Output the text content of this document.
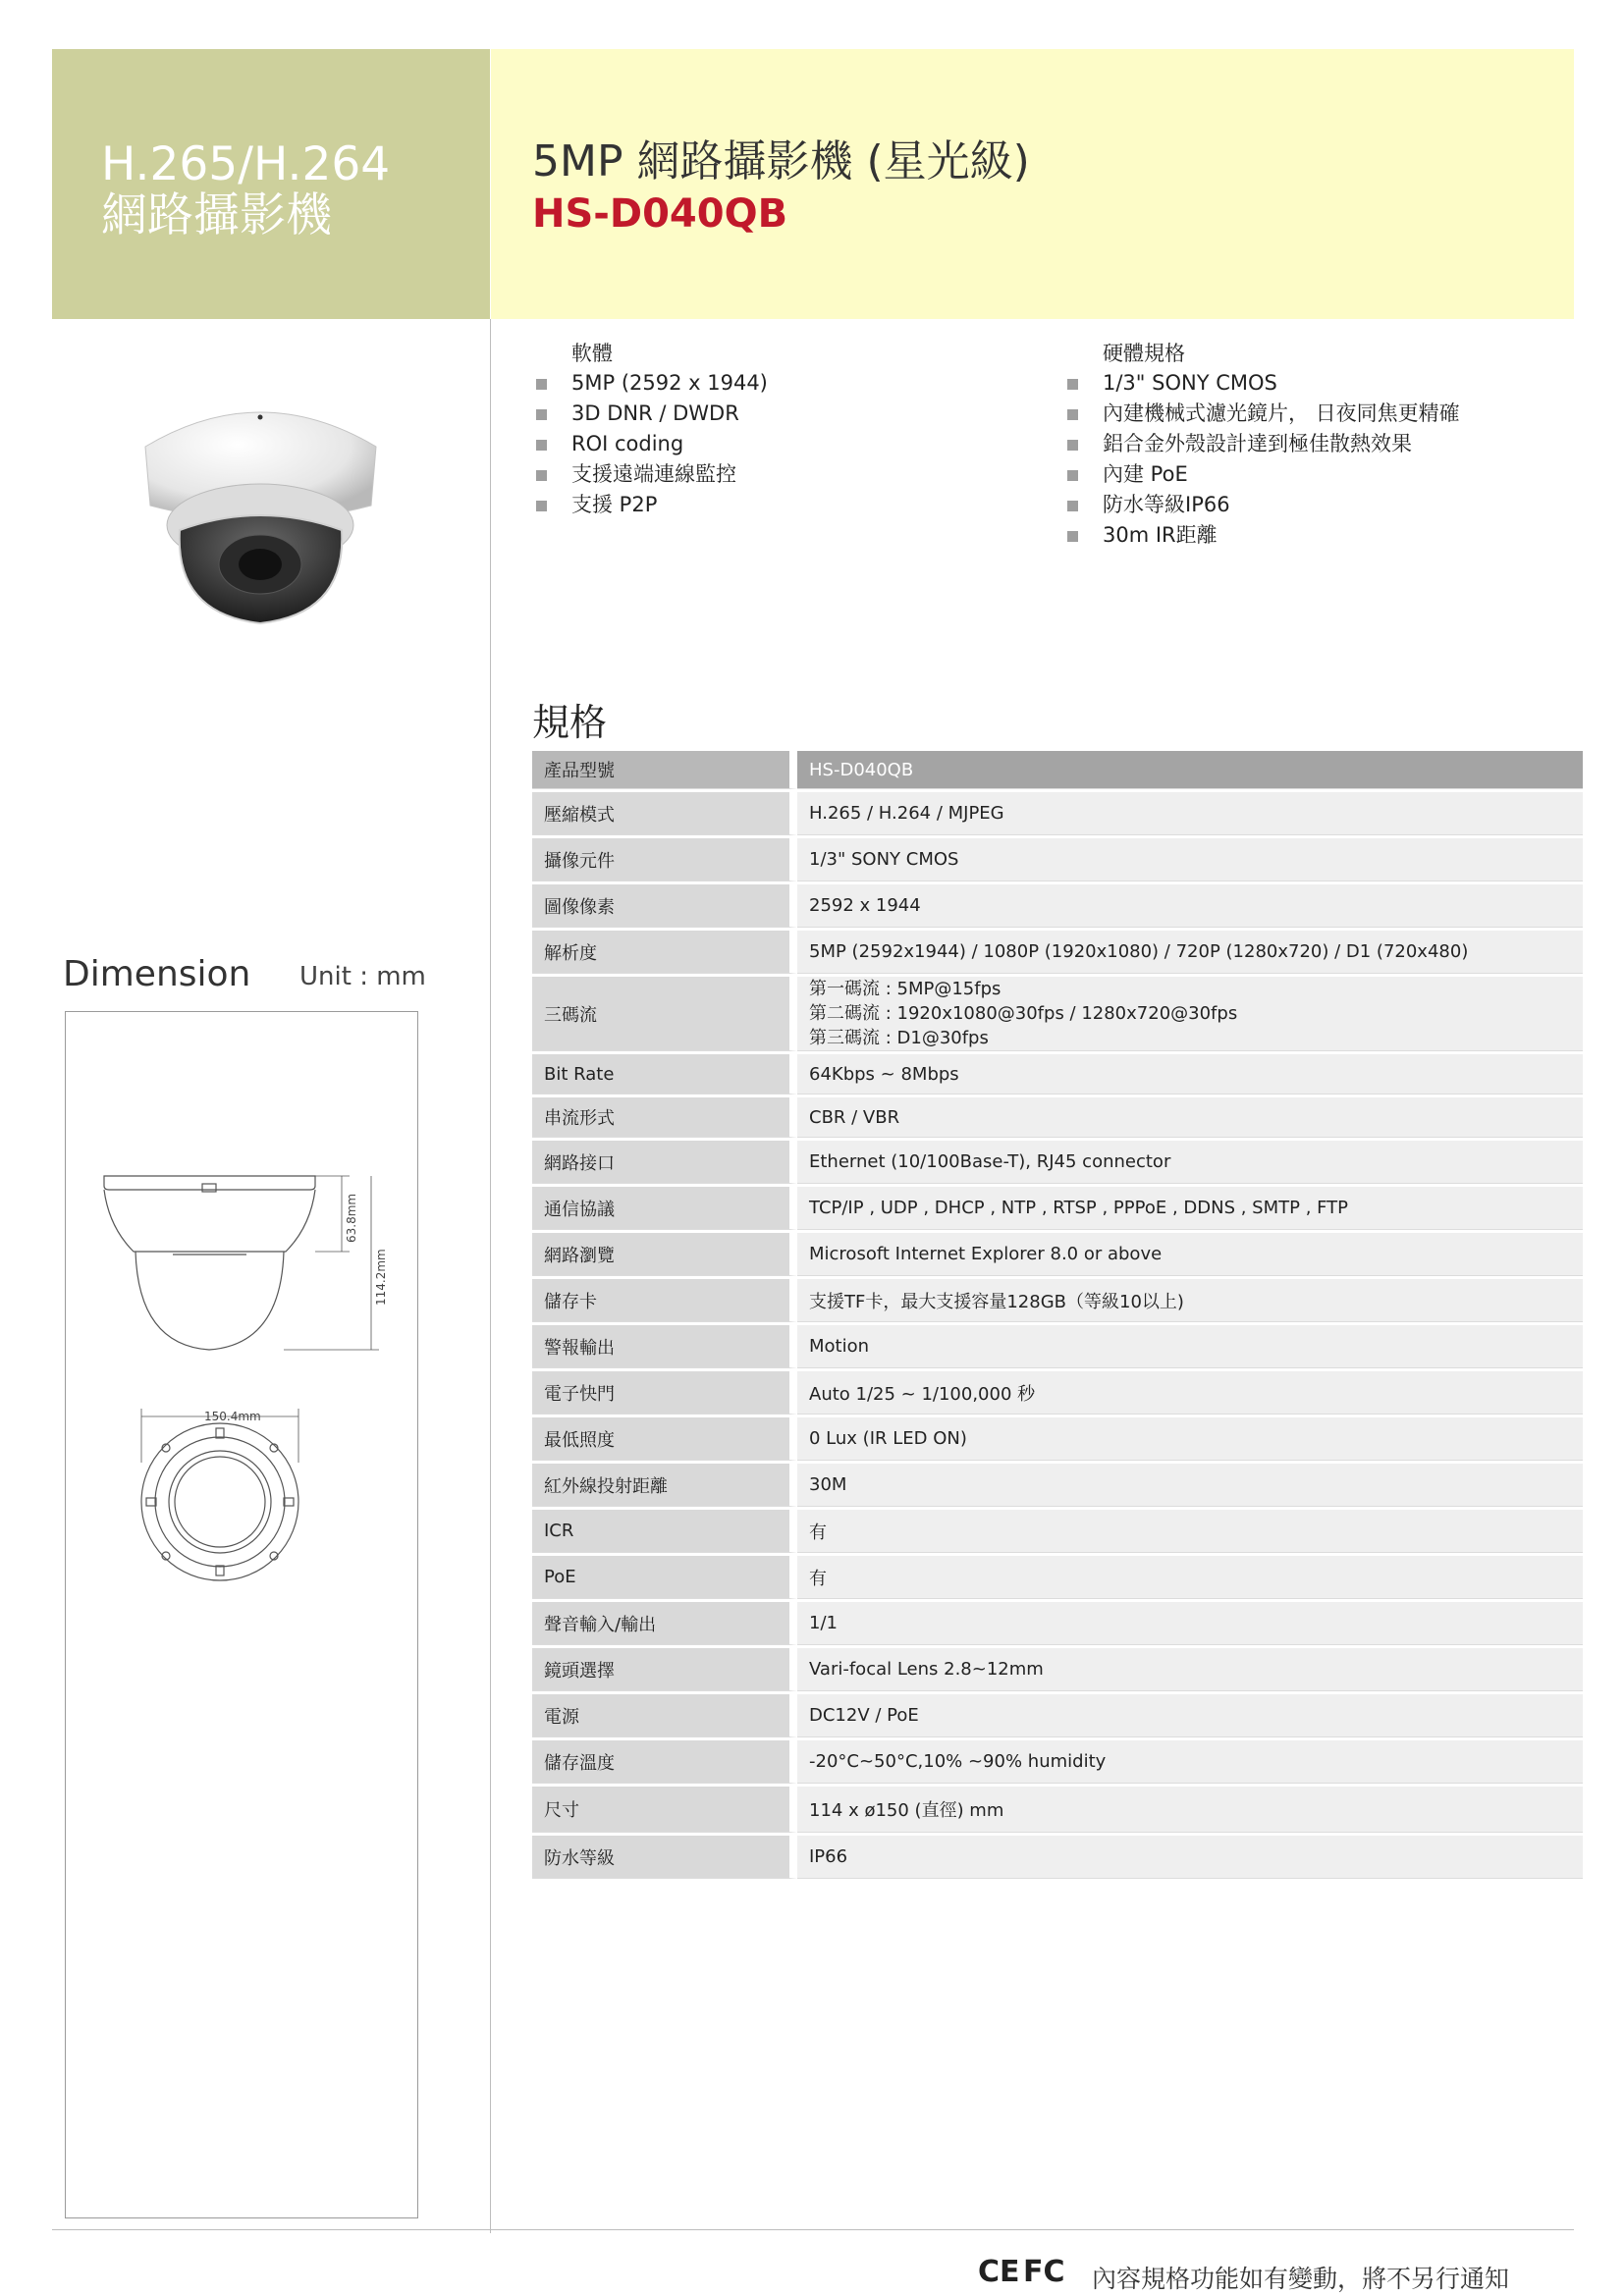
H.265/H.264
網路攝影機
5MP 網路攝影機 (星光級)
HS-D040QB
軟體
5MP (2592 x 1944)
3D DNR / DWDR
ROI coding
支援遠端連線監控
支援 P2P
硬體規格
1/3" SONY CMOS
內建機械式濾光鏡片， 日夜同焦更精確
鋁合金外殼設計達到極佳散熱效果
內建 PoE
防水等級IP66
30m IR距離
規格
產品型號	HS-D040QB
壓縮模式	H.265 / H.264 / MJPEG
攝像元件	1/3" SONY CMOS
圖像像素	2592 x 1944
解析度	5MP (2592x1944) / 1080P (1920x1080) / 720P (1280x720) / D1 (720x480)
三碼流	第一碼流 : 5MP@15fps
第二碼流 : 1920x1080@30fps / 1280x720@30fps
第三碼流 : D1@30fps

Bit Rate	64Kbps ~ 8Mbps
串流形式	CBR / VBR
網路接口	Ethernet (10/100Base-T), RJ45 connector
通信協議	TCP/IP , UDP , DHCP , NTP , RTSP , PPPoE , DDNS , SMTP , FTP
網路瀏覽	Microsoft Internet Explorer 8.0 or above
儲存卡	支援TF卡，最大支援容量128GB（等級10以上)
警報輸出	Motion
電子快門	Auto 1/25 ~ 1/100,000 秒
最低照度	0 Lux (IR LED ON)
紅外線投射距離	30M
ICR	有
PoE	有
聲音輸入/輸出	1/1
鏡頭選擇	Vari-focal Lens 2.8~12mm
電源	DC12V / PoE
儲存溫度	-20°C~50°C,10% ~90% humidity
尺寸	114 x ø150 (直徑) mm
防水等級	IP66
Dimension Unit : mm
63.8mm
114.2mm
150.4mm
CE FC 內容規格功能如有變動，將不另行通知
